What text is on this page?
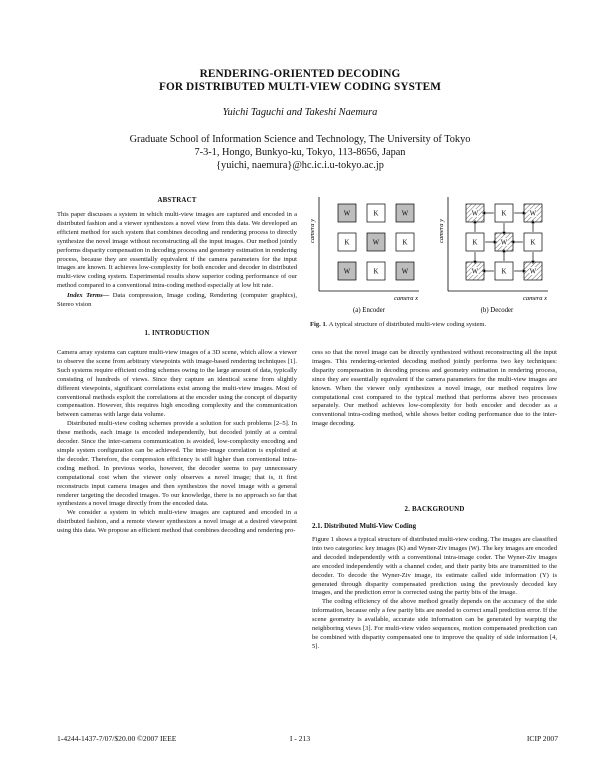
RENDERING-ORIENTED DECODING
FOR DISTRIBUTED MULTI-VIEW CODING SYSTEM
Yuichi Taguchi and Takeshi Naemura
Graduate School of Information Science and Technology, The University of Tokyo
7-3-1, Hongo, Bunkyo-ku, Tokyo, 113-8656, Japan
{yuichi, naemura}@hc.ic.i.u-tokyo.ac.jp
ABSTRACT

This paper discusses a system in which multi-view images are captured and encoded in a distributed fashion and a viewer synthesizes a novel view from this data. We developed an efficient method for such system that combines decoding and rendering process to directly synthesize the novel image without reconstructing all the input images. Our method jointly performs disparity compensation in decoding process and geometry estimation in rendering process, because they are essentially equivalent if the camera parameters for the input images are known. It achieves low-complexity for both encoder and decoder in distributed multi-view coding system. Experimental results show superior coding performance of our method compared to a conventional intra-coding method especially at low bit rate.

Index Terms— Data compression, Image coding, Rendering (computer graphics), Stereo vision

1. INTRODUCTION

Camera array systems can capture multi-view images of a 3D scene, which allow a viewer to observe the scene from arbitrary viewpoints with image-based rendering techniques [1]. Such systems require efficient coding schemes owing to the large amount of data, typically consisting of hundreds of views. Since they capture an identical scene from slightly different viewpoints, significant correlations exist among the multi-view images. Most of conventional methods exploit the correlations at the encoder using the concept of disparity compensation. However, this requires high encoding complexity and the communication between cameras with large data volume.

Distributed multi-view coding schemes provide a solution for such problems [2–5]. In these methods, each image is encoded independently, but decoded jointly at a central decoder. Since the inter-camera communication is avoided, low-complexity encoding and simple system configuration can be achieved. The inter-image correlation is exploited at the decoder. Therefore, the compression efficiency is still higher than conventional intra-coding method. In previous works, however, the decoder seems to pay unnecessary computational cost when the viewer only observes a novel image; that is, it first reconstructs input camera images and then synthesizes the novel image with a general renderer targeting the decoded images. To our knowledge, there is no approach so far that synthesizes a novel image directly from the encoded data.

We consider a system in which multi-view images are captured and encoded in a distributed fashion, and a remote viewer synthesizes a novel image at a desired viewpoint using this data. We propose an efficient method that combines decoding and rendering pro-

camera y
camera x
W	K	W
K	W	K
W	K	W
(a) Encoder
camera y
camera x
W	K	W
K	W	K
W	K	W
(b) Decoder
Fig. 1. A typical structure of distributed multi-view coding system.

cess so that the novel image can be directly synthesized without reconstructing all the input images. This rendering-oriented decoding method jointly performs two key techniques: disparity compensation in decoding process and geometry estimation in rendering process, since they are essentially equivalent if the camera parameters for the multi-view images are known. When the viewer only synthesizes a novel image, our method requires low computational cost compared to the typical method that performs above two processes separately. Our method achieves low-complexity for both encoder and decoder as a conventional intra-coding method, while shows better coding performance due to the inter-image decoding.

2. BACKGROUND
2.1. Distributed Multi-View Coding

Figure 1 shows a typical structure of distributed multi-view coding. The images are classified into two categories: key images (K) and Wyner-Ziv images (W). The key images are encoded and decoded independently with a conventional intra-image coder. The Wyner-Ziv images are encoded independently with a channel coder, and their parity bits are transmitted to the decoder. To decode the Wyner-Ziv image, its estimate called side information (Y) is generated through disparity compensated prediction using the previously decoded key images, and the prediction error is corrected using the parity bits of the image.

The coding efficiency of the above method greatly depends on the accuracy of the side information, because only a few parity bits are needed to correct small prediction error. If the scene geometry is available, accurate side information can be generated by warping the neighboring views [3]. For multi-view video sequences, motion compensated prediction can be combined with disparity compensated one to improve the quality of side information [4, 5].

1-4244-1437-7/07/$20.00 ©2007 IEEE	I - 213	ICIP 2007
